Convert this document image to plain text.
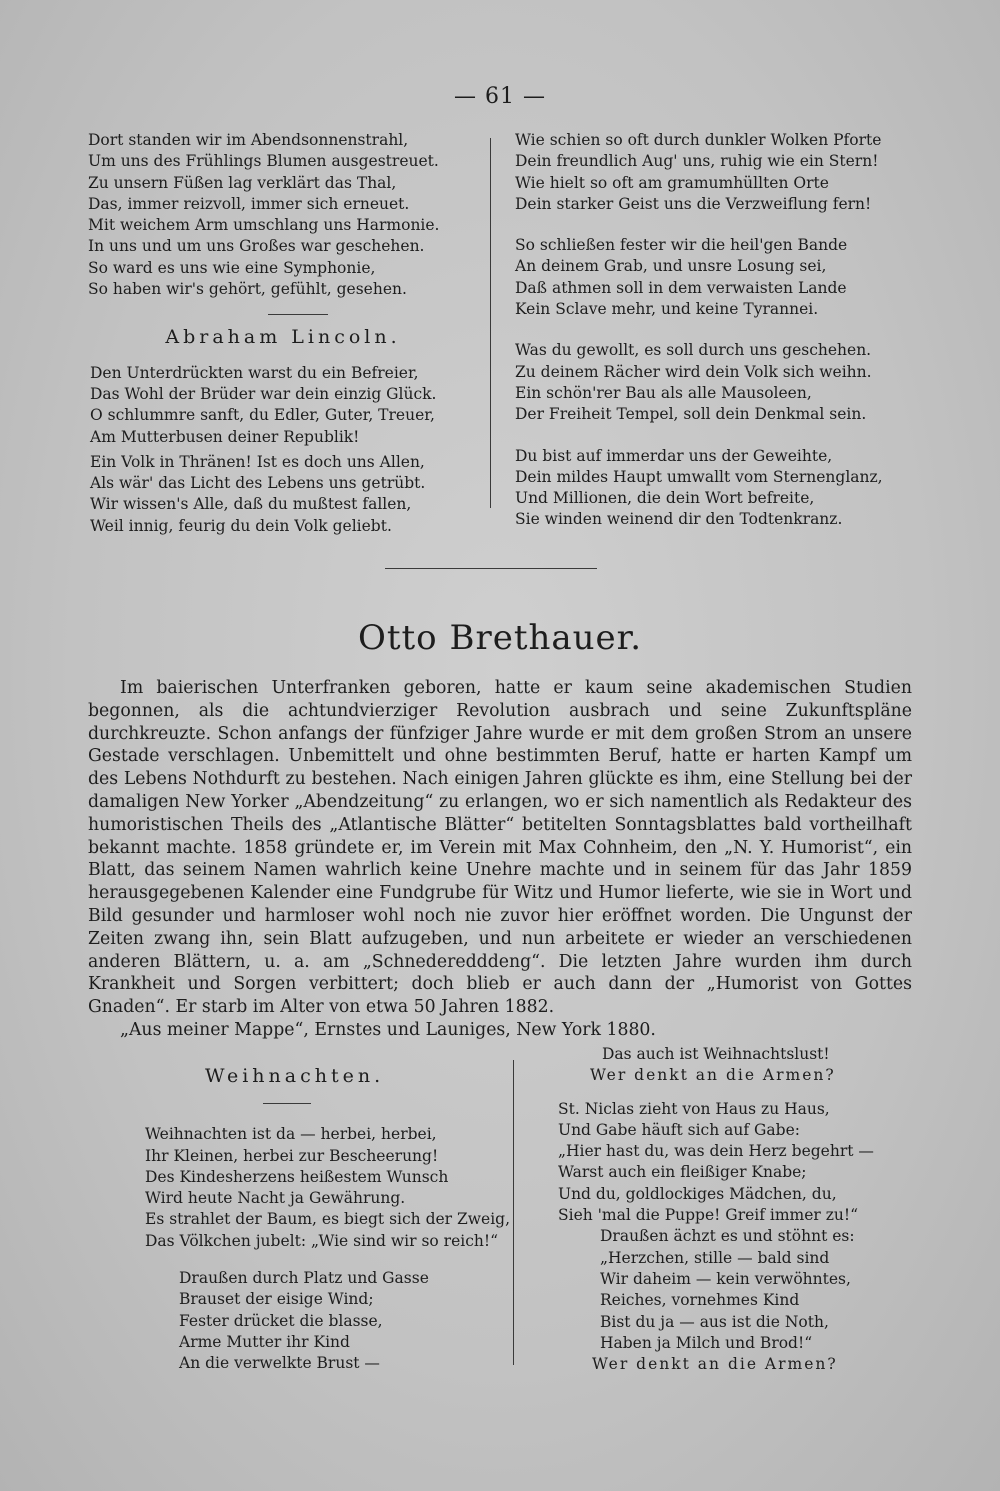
— 61 —

Dort standen wir im Abendsonnenstrahl,

Um uns des Frühlings Blumen ausgestreuet.

Zu unsern Füßen lag verklärt das Thal,

Das, immer reizvoll, immer sich erneuet.

Mit weichem Arm umschlang uns Harmonie.

In uns und um uns Großes war geschehen.

So ward es uns wie eine Symphonie,

So haben wir's gehört, gefühlt, gesehen.

Abraham Lincoln.

Den Unterdrückten warst du ein Befreier,

Das Wohl der Brüder war dein einzig Glück.

O schlummre sanft, du Edler, Guter, Treuer,

Am Mutterbusen deiner Republik!

Ein Volk in Thränen! Ist es doch uns Allen,

Als wär' das Licht des Lebens uns getrübt.

Wir wissen's Alle, daß du mußtest fallen,

Weil innig, feurig du dein Volk geliebt.

Wie schien so oft durch dunkler Wolken Pforte

Dein freundlich Aug' uns, ruhig wie ein Stern!

Wie hielt so oft am gramumhüllten Orte

Dein starker Geist uns die Verzweiflung fern!

So schließen fester wir die heil'gen Bande

An deinem Grab, und unsre Losung sei,

Daß athmen soll in dem verwaisten Lande

Kein Sclave mehr, und keine Tyrannei.

Was du gewollt, es soll durch uns geschehen.

Zu deinem Rächer wird dein Volk sich weihn.

Ein schön'rer Bau als alle Mausoleen,

Der Freiheit Tempel, soll dein Denkmal sein.

Du bist auf immerdar uns der Geweihte,

Dein mildes Haupt umwallt vom Sternenglanz,

Und Millionen, die dein Wort befreite,

Sie winden weinend dir den Todtenkranz.

Otto Brethauer.

Im baierischen Unterfranken geboren, hatte er kaum seine akademischen Studien begonnen, als die achtundvierziger Revolution ausbrach und seine Zukunftspläne durchkreuzte. Schon anfangs der fünfziger Jahre wurde er mit dem großen Strom an unsere Gestade verschlagen. Unbemittelt und ohne bestimmten Beruf, hatte er harten Kampf um des Lebens Nothdurft zu bestehen. Nach einigen Jahren glückte es ihm, eine Stellung bei der damaligen New Yorker „Abendzeitung“ zu erlangen, wo er sich namentlich als Redakteur des humoristischen Theils des „Atlantische Blätter“ betitelten Sonntagsblattes bald vortheilhaft bekannt machte. 1858 gründete er, im Verein mit Max Cohnheim, den „N. Y. Humorist“, ein Blatt, das seinem Namen wahrlich keine Unehre machte und in seinem für das Jahr 1859 herausgegebenen Kalender eine Fundgrube für Witz und Humor lieferte, wie sie in Wort und Bild gesunder und harmloser wohl noch nie zuvor hier eröffnet worden. Die Ungunst der Zeiten zwang ihn, sein Blatt aufzugeben, und nun arbeitete er wieder an verschiedenen anderen Blättern, u. a. am „Schnederedddeng“. Die letzten Jahre wurden ihm durch Krankheit und Sorgen verbittert; doch blieb er auch dann der „Humorist von Gottes Gnaden“. Er starb im Alter von etwa 50 Jahren 1882.

„Aus meiner Mappe“, Ernstes und Launiges, New York 1880.

Weihnachten.

Weihnachten ist da — herbei, herbei,

Ihr Kleinen, herbei zur Bescheerung!

Des Kindesherzens heißestem Wunsch

Wird heute Nacht ja Gewährung.

Es strahlet der Baum, es biegt sich der Zweig,

Das Völkchen jubelt: „Wie sind wir so reich!“

Draußen durch Platz und Gasse

Brauset der eisige Wind;

Fester drücket die blasse,

Arme Mutter ihr Kind

An die verwelkte Brust —

Das auch ist Weihnachtslust!

Wer denkt an die Armen?

St. Niclas zieht von Haus zu Haus,

Und Gabe häuft sich auf Gabe:

„Hier hast du, was dein Herz begehrt —

Warst auch ein fleißiger Knabe;

Und du, goldlockiges Mädchen, du,

Sieh 'mal die Puppe! Greif immer zu!“

Draußen ächzt es und stöhnt es:

„Herzchen, stille — bald sind

Wir daheim — kein verwöhntes,

Reiches, vornehmes Kind

Bist du ja — aus ist die Noth,

Haben ja Milch und Brod!“

Wer denkt an die Armen?
